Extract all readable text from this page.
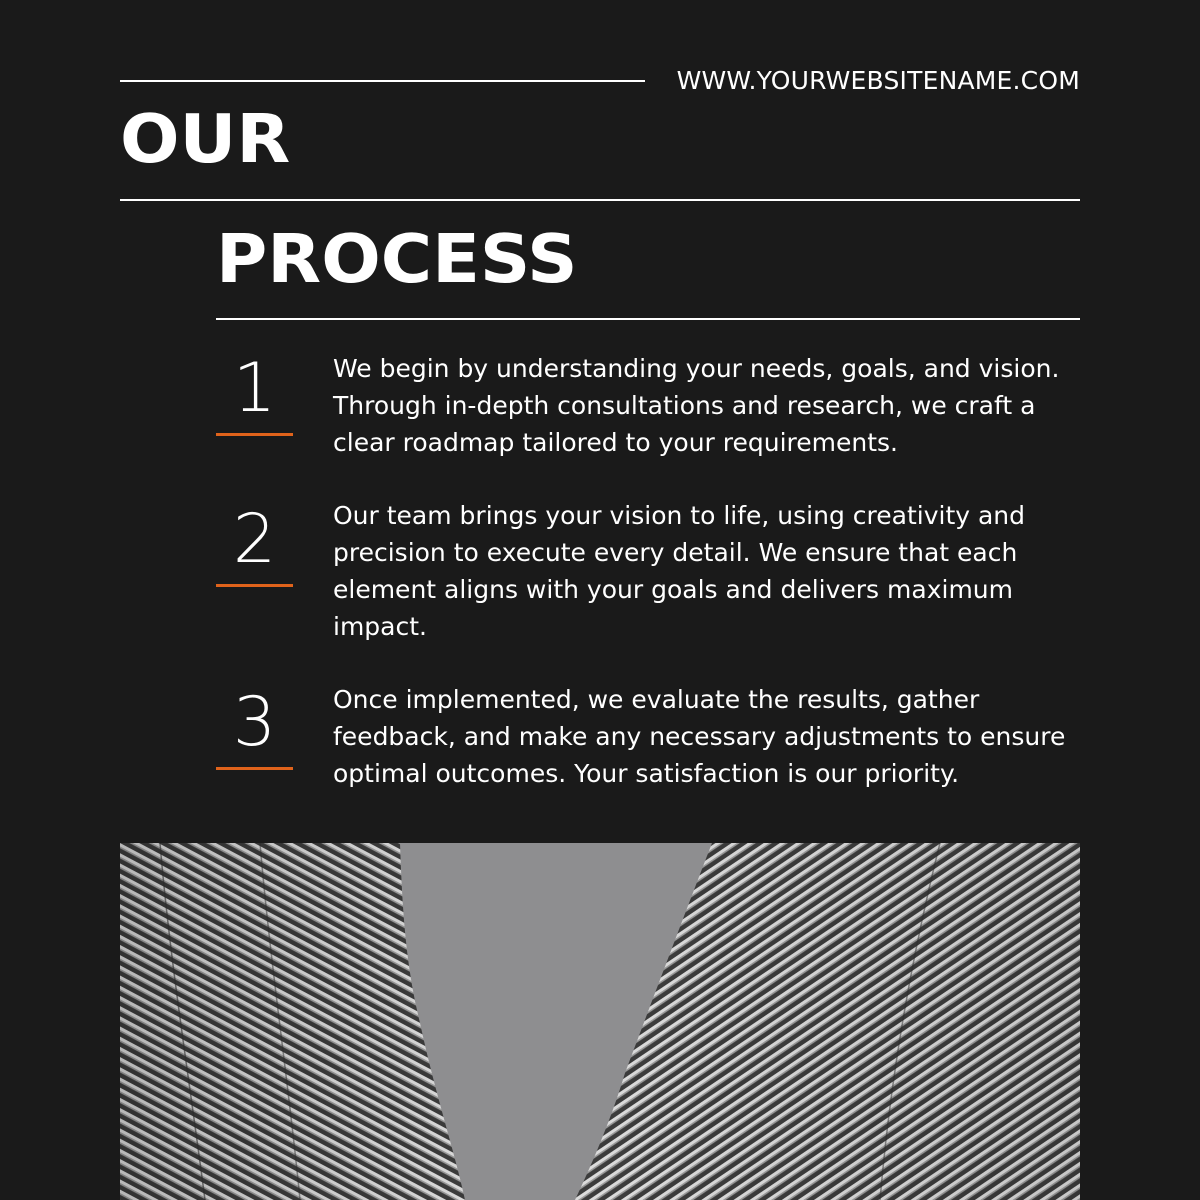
WWW.YOURWEBSITENAME.COM
OUR
PROCESS
1	We begin by understanding your needs, goals, and vision. Through in-depth consultations and research, we craft a clear roadmap tailored to your requirements.

2	Our team brings your vision to life, using creativity and precision to execute every detail. We ensure that each element aligns with your goals and delivers maximum impact.

3	Once implemented, we evaluate the results, gather feedback, and make any necessary adjustments to ensure optimal outcomes. Your satisfaction is our priority.
